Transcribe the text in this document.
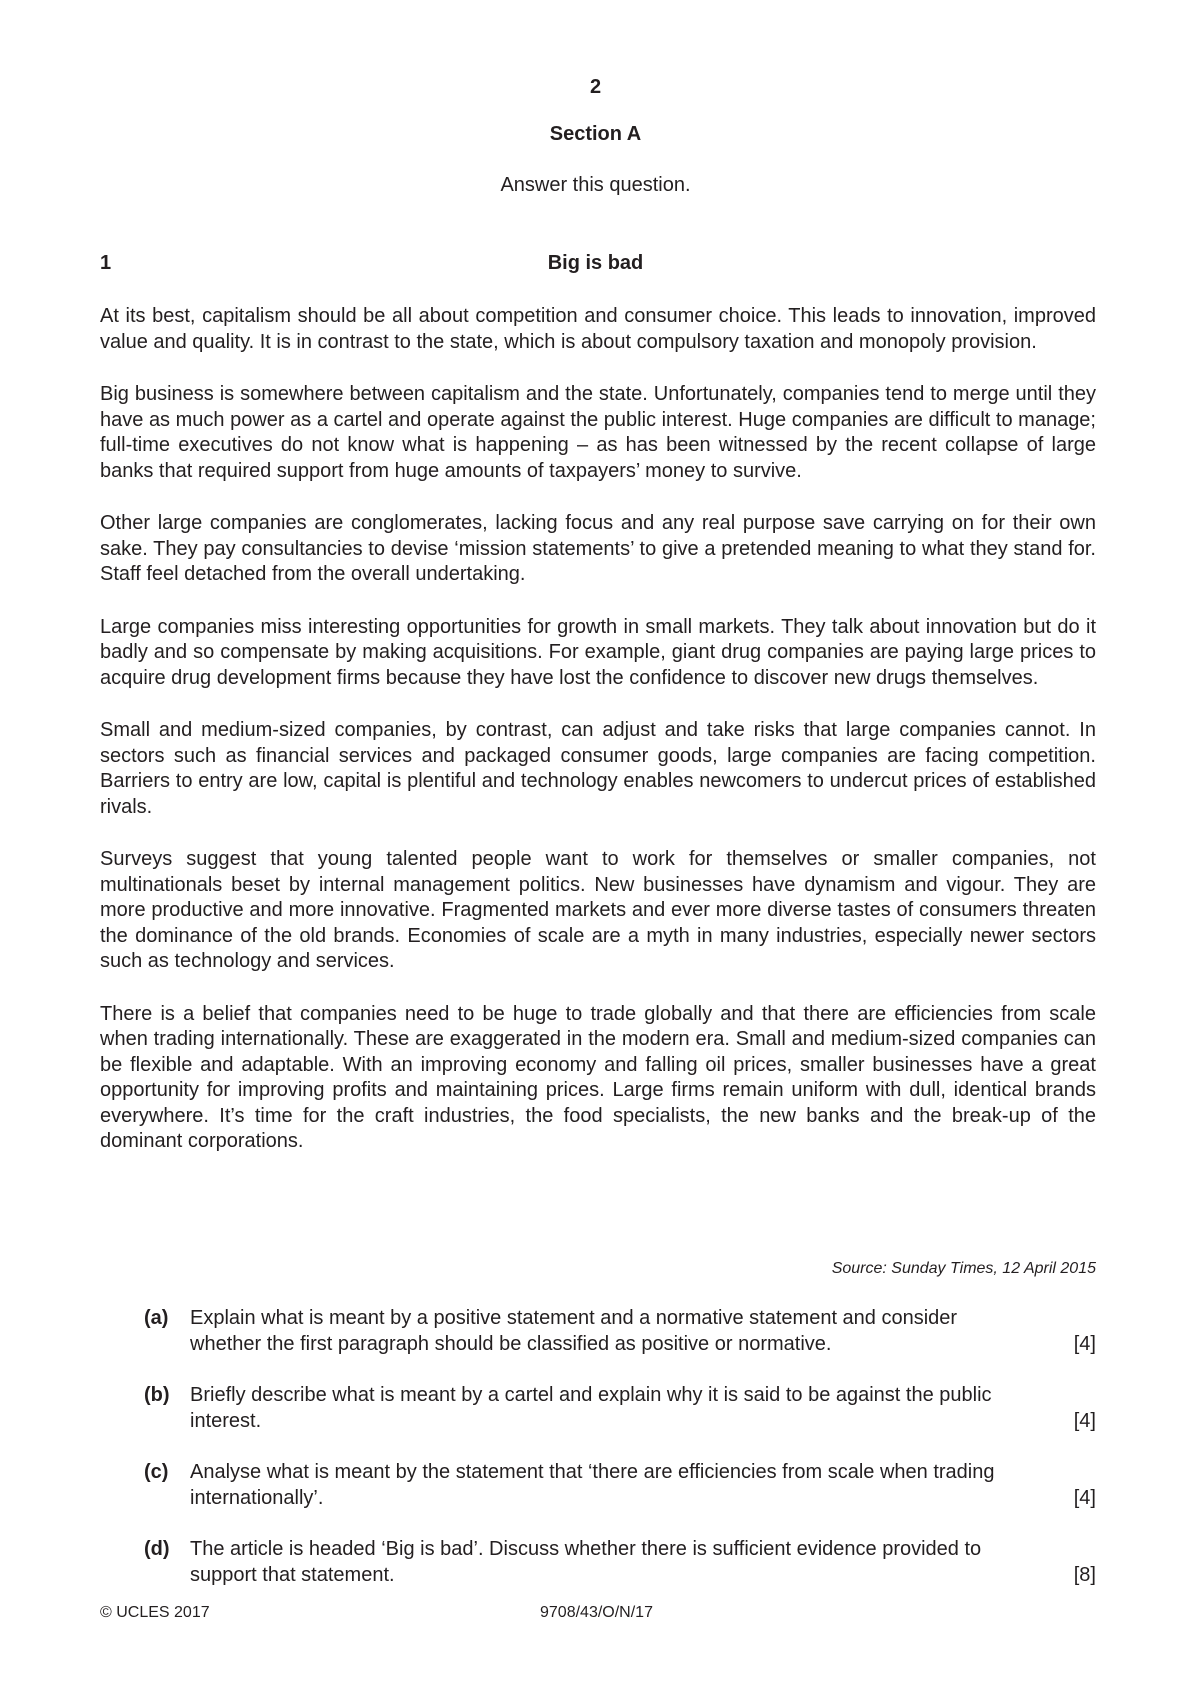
2
Section A
Answer this question.
1	Big is bad

At its best, capitalism should be all about competition and consumer choice. This leads to innovation, improved value and quality. It is in contrast to the state, which is about compulsory taxation and monopoly provision.

Big business is somewhere between capitalism and the state. Unfortunately, companies tend to merge until they have as much power as a cartel and operate against the public interest. Huge companies are difficult to manage; full-time executives do not know what is happening – as has been witnessed by the recent collapse of large banks that required support from huge amounts of taxpayers’ money to survive.

Other large companies are conglomerates, lacking focus and any real purpose save carrying on for their own sake. They pay consultancies to devise ‘mission statements’ to give a pretended meaning to what they stand for. Staff feel detached from the overall undertaking.

Large companies miss interesting opportunities for growth in small markets. They talk about innovation but do it badly and so compensate by making acquisitions. For example, giant drug companies are paying large prices to acquire drug development firms because they have lost the confidence to discover new drugs themselves.

Small and medium-sized companies, by contrast, can adjust and take risks that large companies cannot. In sectors such as financial services and packaged consumer goods, large companies are facing competition. Barriers to entry are low, capital is plentiful and technology enables newcomers to undercut prices of established rivals.

Surveys suggest that young talented people want to work for themselves or smaller companies, not multinationals beset by internal management politics. New businesses have dynamism and vigour. They are more productive and more innovative. Fragmented markets and ever more diverse tastes of consumers threaten the dominance of the old brands. Economies of scale are a myth in many industries, especially newer sectors such as technology and services.

There is a belief that companies need to be huge to trade globally and that there are efficiencies from scale when trading internationally. These are exaggerated in the modern era. Small and medium-sized companies can be flexible and adaptable. With an improving economy and falling oil prices, smaller businesses have a great opportunity for improving profits and maintaining prices. Large firms remain uniform with dull, identical brands everywhere. It’s time for the craft industries, the food specialists, the new banks and the break-up of the dominant corporations.

Source: Sunday Times, 12 April 2015
(a)	Explain what is meant by a positive statement and a normative statement and consider
whether the first paragraph should be classified as positive or normative.	[4]
(b)	Briefly describe what is meant by a cartel and explain why it is said to be against the public
interest.	[4]
(c)	Analyse what is meant by the statement that ‘there are efficiencies from scale when trading
internationally’.	[4]
(d)	The article is headed ‘Big is bad’. Discuss whether there is sufficient evidence provided to
support that statement.	[8]
© UCLES 2017	9708/43/O/N/17
